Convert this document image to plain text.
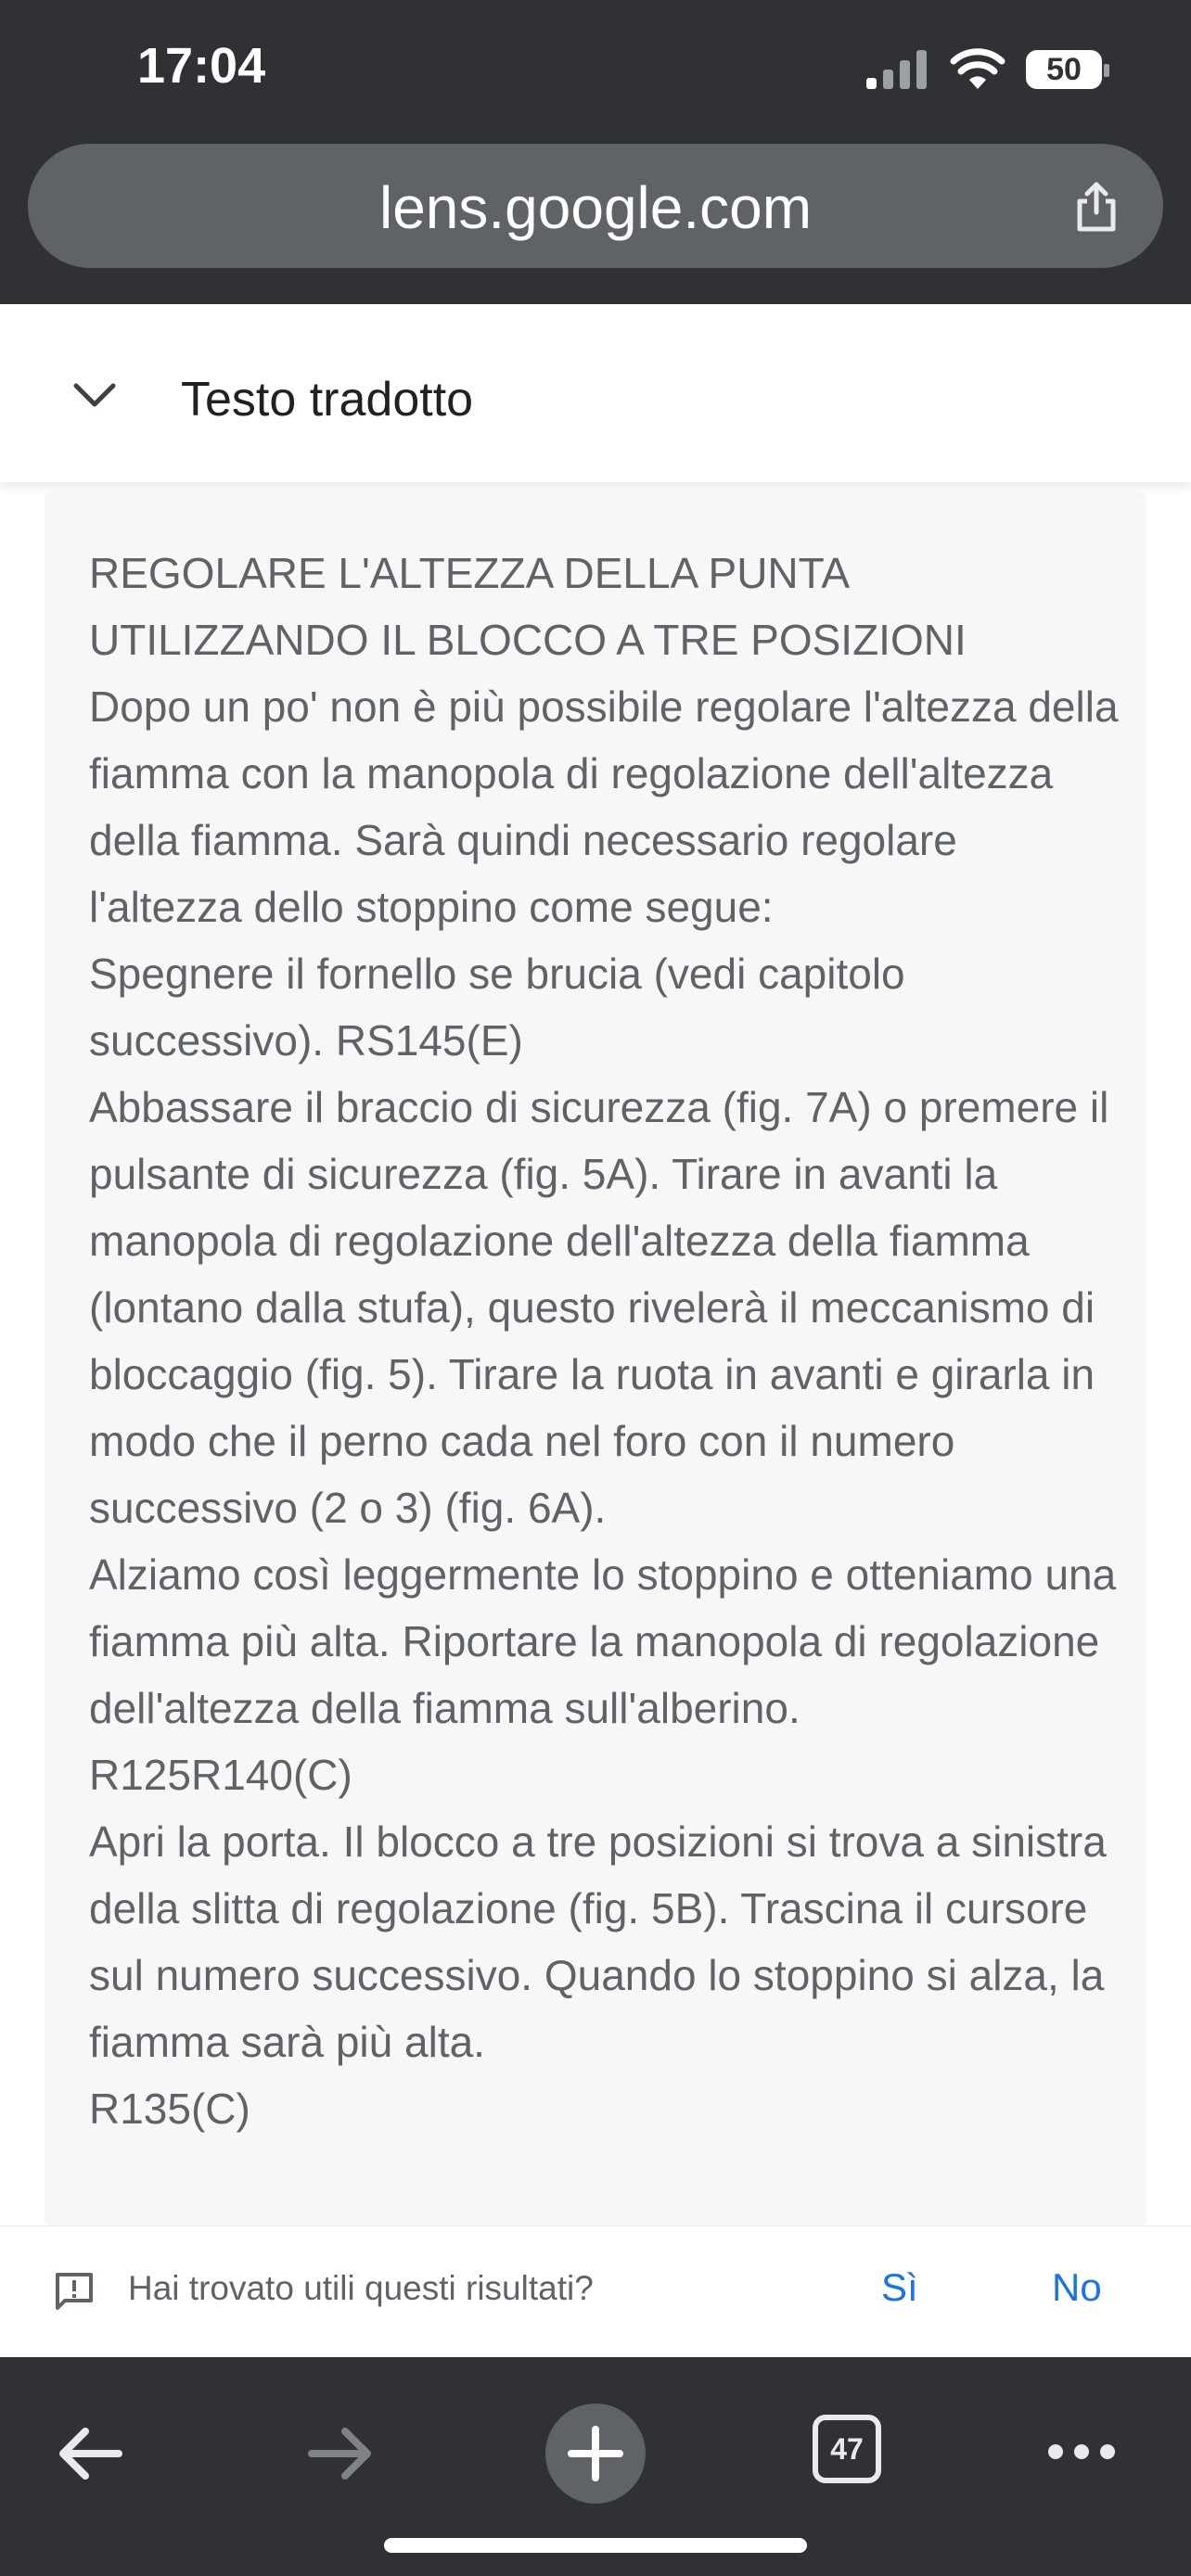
17:04	50
lens.google.com
Testo tradotto

REGOLARE L'ALTEZZA DELLA PUNTA UTILIZZANDO IL BLOCCO A TRE POSIZIONI

Dopo un po' non è più possibile regolare l'altezza della fiamma con la manopola di regolazione dell'altezza della fiamma. Sarà quindi necessario regolare l'altezza dello stoppino come segue:

Spegnere il fornello se brucia (vedi capitolo successivo). RS145(E)

Abbassare il braccio di sicurezza (fig. 7A) o premere il pulsante di sicurezza (fig. 5A). Tirare in avanti la manopola di regolazione dell'altezza della fiamma (lontano dalla stufa), questo rivelerà il meccanismo di bloccaggio (fig. 5). Tirare la ruota in avanti e girarla in modo che il perno cada nel foro con il numero successivo (2 o 3) (fig. 6A).

Alziamo così leggermente lo stoppino e otteniamo una fiamma più alta. Riportare la manopola di regolazione dell'altezza della fiamma sull'alberino.

R125R140(C)

Apri la porta. Il blocco a tre posizioni si trova a sinistra della slitta di regolazione (fig. 5B). Trascina il cursore sul numero successivo. Quando lo stoppino si alza, la fiamma sarà più alta.

R135(C)

Hai trovato utili questi risultati?	Sì	No
47
